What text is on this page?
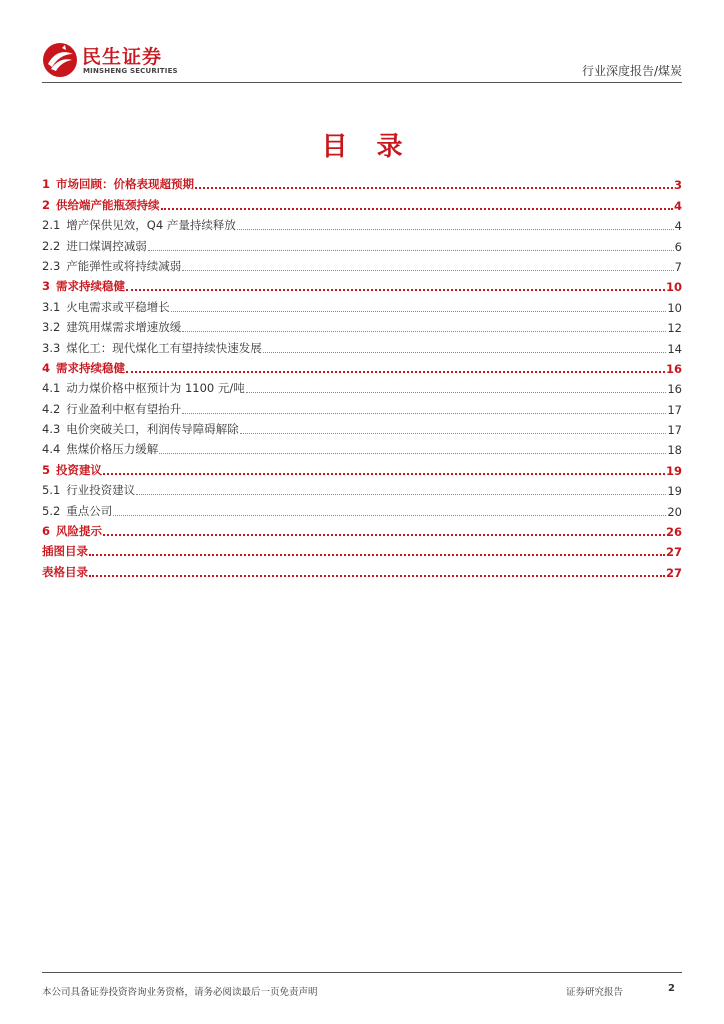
民生证券
MINSHENG SECURITIES	行业深度报告/煤炭
目 录
1 市场回顾：价格表现超预期	3
2 供给端产能瓶颈持续	4
2.1 增产保供见效，Q4 产量持续释放	4
2.2 进口煤调控减弱	6
2.3 产能弹性或将持续减弱	7
3 需求持续稳健	10
3.1 火电需求或平稳增长	10
3.2 建筑用煤需求增速放缓	12
3.3 煤化工：现代煤化工有望持续快速发展	14
4 需求持续稳健	16
4.1 动力煤价格中枢预计为 1100 元/吨	16
4.2 行业盈利中枢有望抬升	17
4.3 电价突破关口，利润传导障碍解除	17
4.4 焦煤价格压力缓解	18
5 投资建议	19
5.1 行业投资建议	19
5.2 重点公司	20
6 风险提示	26
插图目录	27
表格目录	27
本公司具备证券投资咨询业务资格，请务必阅读最后一页免责声明	证券研究报告	2
